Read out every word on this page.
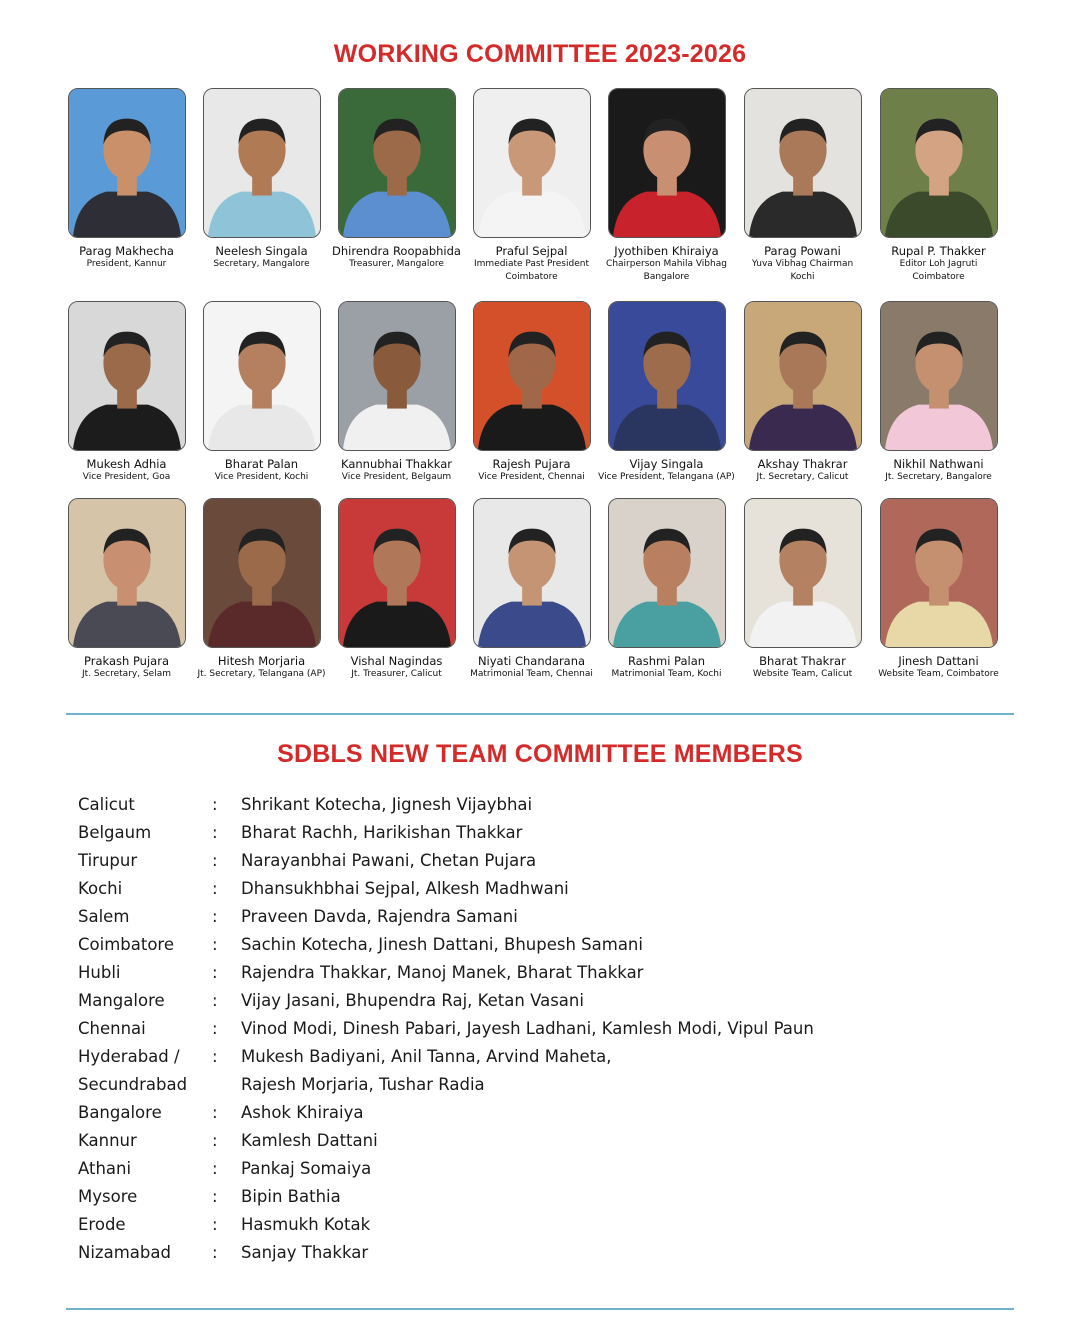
WORKING COMMITTEE 2023-2026
Parag Makhecha
President, Kannur
Neelesh Singala
Secretary, Mangalore
Dhirendra Roopabhida
Treasurer, Mangalore
Praful Sejpal
Immediate Past President
Coimbatore
Jyothiben Khiraiya
Chairperson Mahila Vibhag
Bangalore
Parag Powani
Yuva Vibhag Chairman
Kochi
Rupal P. Thakker
Editor Loh Jagruti
Coimbatore
Mukesh Adhia
Vice President, Goa
Bharat Palan
Vice President, Kochi
Kannubhai Thakkar
Vice President, Belgaum
Rajesh Pujara
Vice President, Chennai
Vijay Singala
Vice President, Telangana (AP)
Akshay Thakrar
Jt. Secretary, Calicut
Nikhil Nathwani
Jt. Secretary, Bangalore
Prakash Pujara
Jt. Secretary, Selam
Hitesh Morjaria
Jt. Secretary, Telangana (AP)
Vishal Nagindas
Jt. Treasurer, Calicut
Niyati Chandarana
Matrimonial Team, Chennai
Rashmi Palan
Matrimonial Team, Kochi
Bharat Thakrar
Website Team, Calicut
Jinesh Dattani
Website Team, Coimbatore
SDBLS NEW TEAM COMMITTEE MEMBERS
Calicut	: Shrikant Kotecha, Jignesh Vijaybhai
Belgaum	: Bharat Rachh, Harikishan Thakkar
Tirupur	: Narayanbhai Pawani, Chetan Pujara
Kochi	: Dhansukhbhai Sejpal, Alkesh Madhwani
Salem	: Praveen Davda, Rajendra Samani
Coimbatore : Sachin Kotecha, Jinesh Dattani, Bhupesh Samani
Hubli	: Rajendra Thakkar, Manoj Manek, Bharat Thakkar
Mangalore	: Vijay Jasani, Bhupendra Raj, Ketan Vasani
Chennai	: Vinod Modi, Dinesh Pabari, Jayesh Ladhani, Kamlesh Modi, Vipul Paun
Hyderabad / : Mukesh Badiyani, Anil Tanna, Arvind Maheta,
Secundrabad	Rajesh Morjaria, Tushar Radia
Bangalore	: Ashok Khiraiya
Kannur	: Kamlesh Dattani
Athani	: Pankaj Somaiya
Mysore	: Bipin Bathia
Erode	: Hasmukh Kotak
Nizamabad : Sanjay Thakkar
